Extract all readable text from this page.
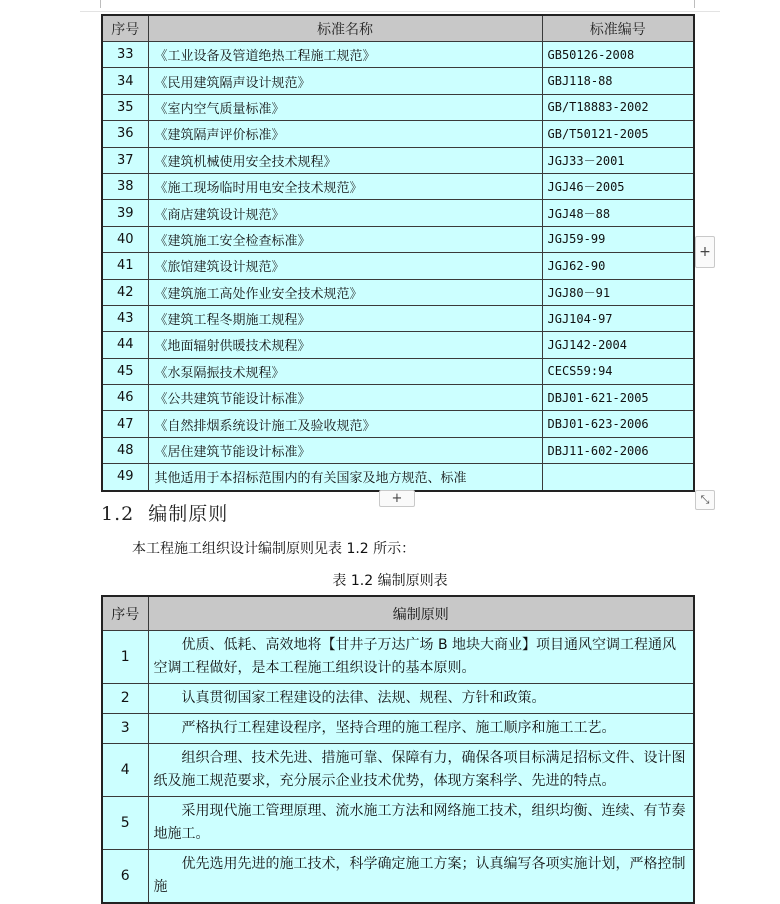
序号	标准名称	标准编号
33	《工业设备及管道绝热工程施工规范》	GB50126-2008
34	《民用建筑隔声设计规范》	GBJ118-88
35	《室内空气质量标准》	GB/T18883-2002
36	《建筑隔声评价标准》	GB/T50121-2005
37	《建筑机械使用安全技术规程》	JGJ33－2001
38	《施工现场临时用电安全技术规范》	JGJ46－2005
39	《商店建筑设计规范》	JGJ48－88
40	《建筑施工安全检查标准》	JGJ59-99
41	《旅馆建筑设计规范》	JGJ62-90
42	《建筑施工高处作业安全技术规范》	JGJ80－91
43	《建筑工程冬期施工规程》	JGJ104-97
44	《地面辐射供暖技术规程》	JGJ142-2004
45	《水泵隔振技术规程》	CECS59:94
46	《公共建筑节能设计标准》	DBJ01-621-2005
47	《自然排烟系统设计施工及验收规范》	DBJ01-623-2006
48	《居住建筑节能设计标准》	DBJ11-602-2006
49	其他适用于本招标范围内的有关国家及地方规范、标准	
+
+	⤡
1.2 编制原则
本工程施工组织设计编制原则见表 1.2 所示：
表 1.2 编制原则表
序号	编制原则
1	优质、低耗、高效地将【甘井子万达广场 B 地块大商业】项目通风空调工程通风空调工程做好，是本工程施工组织设计的基本原则。
2	认真贯彻国家工程建设的法律、法规、规程、方针和政策。
3	严格执行工程建设程序，坚持合理的施工程序、施工顺序和施工工艺。
4	组织合理、技术先进、措施可靠、保障有力，确保各项目标满足招标文件、设计图纸及施工规范要求，充分展示企业技术优势，体现方案科学、先进的特点。
5	采用现代施工管理原理、流水施工方法和网络施工技术，组织均衡、连续、有节奏地施工。
6	优先选用先进的施工技术，科学确定施工方案；认真编写各项实施计划，严格控制施
